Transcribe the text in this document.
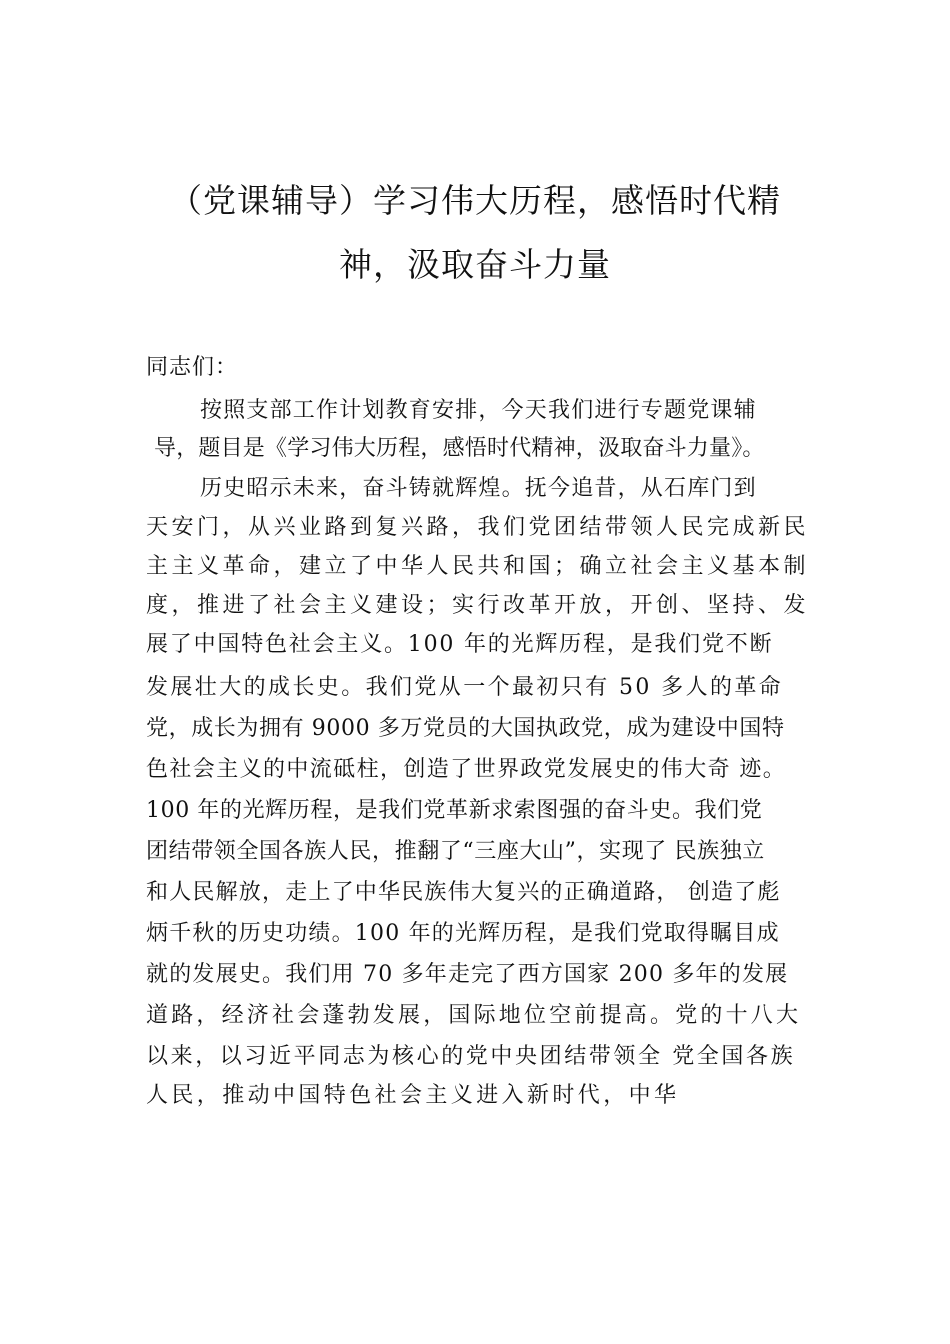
（党课辅导）学习伟大历程，感悟时代精
神，汲取奋斗力量
同志们：
按照支部工作计划教育安排，今天我们进行专题党课辅
导，题目是《学习伟大历程，感悟时代精神，汲取奋斗力量》。
历史昭示未来，奋斗铸就辉煌。抚今追昔，从石库门到
天安门，从兴业路到复兴路，我们党团结带领人民完成新民
主主义革命，建立了中华人民共和国；确立社会主义基本制
度，推进了社会主义建设；实行改革开放，开创、坚持、发
展了中国特色社会主义。100 年的光辉历程，是我们党不断
发展壮大的成长史。我们党从一个最初只有 50 多人的革命
党，成长为拥有 9000 多万党员的大国执政党，成为建设中国特
色社会主义的中流砥柱，创造了世界政党发展史的伟大奇 迹。
100 年的光辉历程，是我们党革新求索图强的奋斗史。我们党
团结带领全国各族人民，推翻了“三座大山”，实现了 民族独立
和人民解放，走上了中华民族伟大复兴的正确道路， 创造了彪
炳千秋的历史功绩。100 年的光辉历程，是我们党取得瞩目成
就的发展史。我们用 70 多年走完了西方国家 200 多年的发展
道路，经济社会蓬勃发展，国际地位空前提高。党的十八大
以来，以习近平同志为核心的党中央团结带领全 党全国各族
人民，推动中国特色社会主义进入新时代，中华
